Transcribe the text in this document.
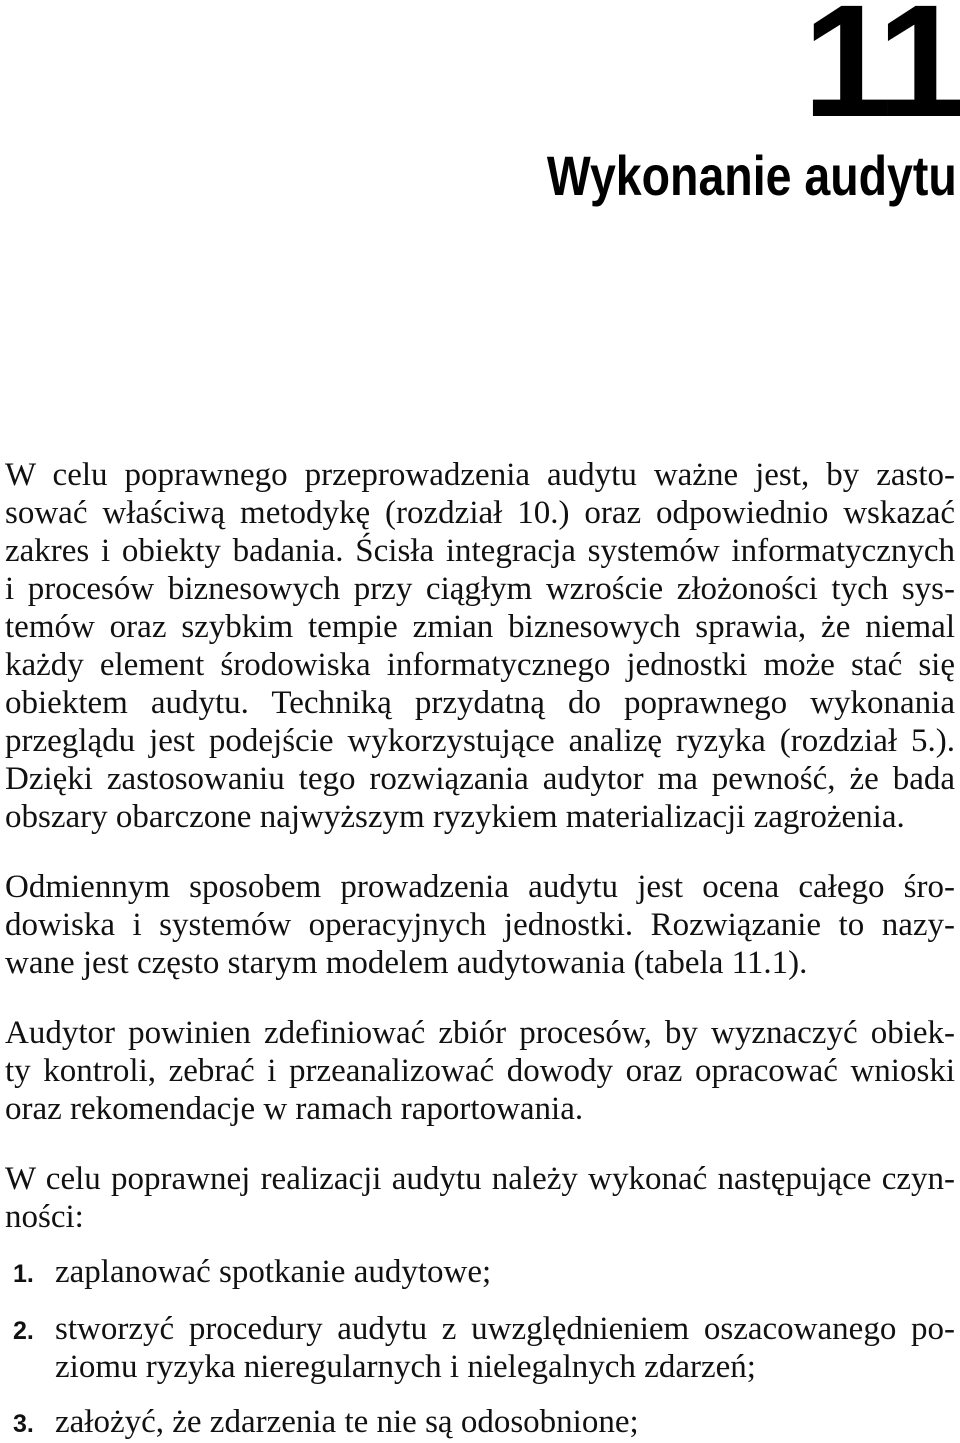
11
Wykonanie audytu
W celu poprawnego przeprowadzenia audytu ważne jest, by zasto-
sować właściwą metodykę (rozdział 10.) oraz odpowiednio wskazać
zakres i obiekty badania. Ścisła integracja systemów informatycznych
i procesów biznesowych przy ciągłym wzroście złożoności tych sys-
temów oraz szybkim tempie zmian biznesowych sprawia, że niemal
każdy element środowiska informatycznego jednostki może stać się
obiektem audytu. Techniką przydatną do poprawnego wykonania
przeglądu jest podejście wykorzystujące analizę ryzyka (rozdział 5.).
Dzięki zastosowaniu tego rozwiązania audytor ma pewność, że bada
obszary obarczone najwyższym ryzykiem materializacji zagrożenia.
Odmiennym sposobem prowadzenia audytu jest ocena całego śro-
dowiska i systemów operacyjnych jednostki. Rozwiązanie to nazy-
wane jest często starym modelem audytowania (tabela 11.1).
Audytor powinien zdefiniować zbiór procesów, by wyznaczyć obiek-
ty kontroli, zebrać i przeanalizować dowody oraz opracować wnioski
oraz rekomendacje w ramach raportowania.
W celu poprawnej realizacji audytu należy wykonać następujące czyn-
ności:
1. zaplanować spotkanie audytowe;
2. stworzyć procedury audytu z uwzględnieniem oszacowanego po-
ziomu ryzyka nieregularnych i nielegalnych zdarzeń;
3. założyć, że zdarzenia te nie są odosobnione;
